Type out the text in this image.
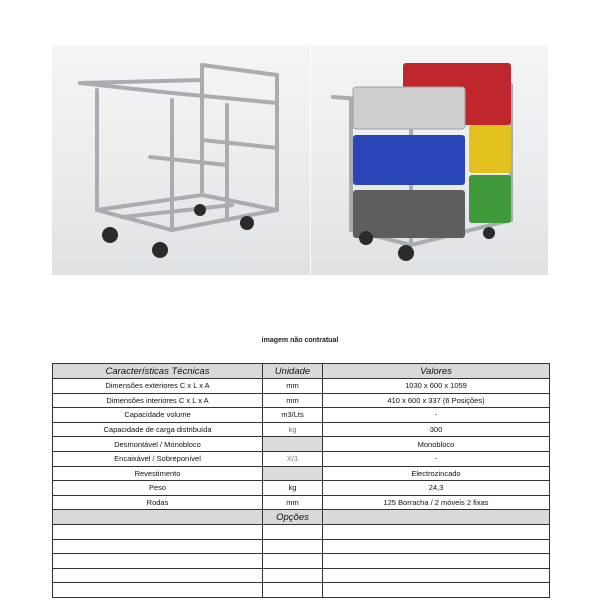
imagem não contratual
Características Técnicas	Unidade	Valores
Dimensões exteriores C x L x A	mm	1030 x 600 x 1059
Dimensões interiores C x L x A	mm	410 x 600 x 337 (6 Posições)
Capacidade volume	m3/Lts	-
Capacidade de carga distribuída	kg	300
Desmontável / Monobloco		Monobloco
Encaixável / Sobreponível	X/1	-
Revestimento		Electrozincado
Peso	kg	24,3
Rodas	mm	125 Borracha / 2 móveis 2 fixas
	Opções	
